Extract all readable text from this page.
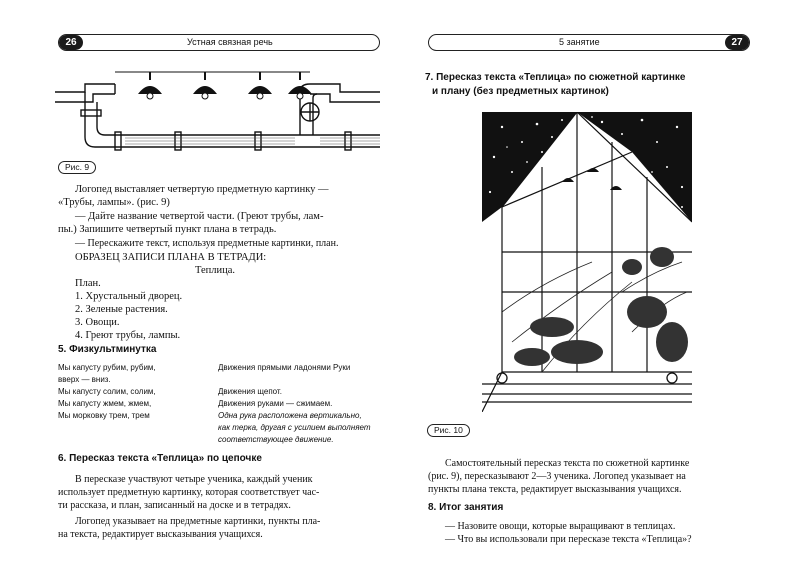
26	Устная связная речь
Рис. 9
Логопед выставляет четвертую предметную картинку —
«Трубы, лампы». (рис. 9)
— Дайте название четвертой части. (Греют трубы, лам-
пы.) Запишите четвертый пункт плана в тетрадь.
— Перескажите текст, используя предметные картинки, план.
ОБРАЗЕЦ ЗАПИСИ ПЛАНА В ТЕТРАДИ:
Теплица.
План.
1. Хрустальный дворец.
2. Зеленые растения.
3. Овощи.
4. Греют трубы, лампы.
5. Физкультминутка
Мы капусту рубим, рубим,
вверх — вниз.
Мы капусту солим, солим,
Мы капусту жмем, жмем,
Мы морковку трем, трем
Движения прямыми ладонями Руки
Движения щепот.
Движения руками — сжимаем.
Одна рука расположена вертикально,
как терка, другая с усилием выполняет
соответствующее движение.
6. Пересказ текста «Теплица» по цепочке
В пересказе участвуют четыре ученика, каждый ученик
использует предметную картинку, которая соответствует час-
ти рассказа, и план, записанный на доске и в тетрадях.
Логопед указывает на предметные картинки, пункты пла-
на текста, редактирует высказывания учащихся.
5 занятие	27
7. Пересказ текста «Теплица» по сюжетной картинке
и плану (без предметных картинок)
Рис. 10
Самостоятельный пересказ текста по сюжетной картинке
(рис. 9), пересказывают 2—3 ученика. Логопед указывает на
пункты плана текста, редактирует высказывания учащихся.
8. Итог занятия
— Назовите овощи, которые выращивают в теплицах.
— Что вы использовали при пересказе текста «Теплица»?
